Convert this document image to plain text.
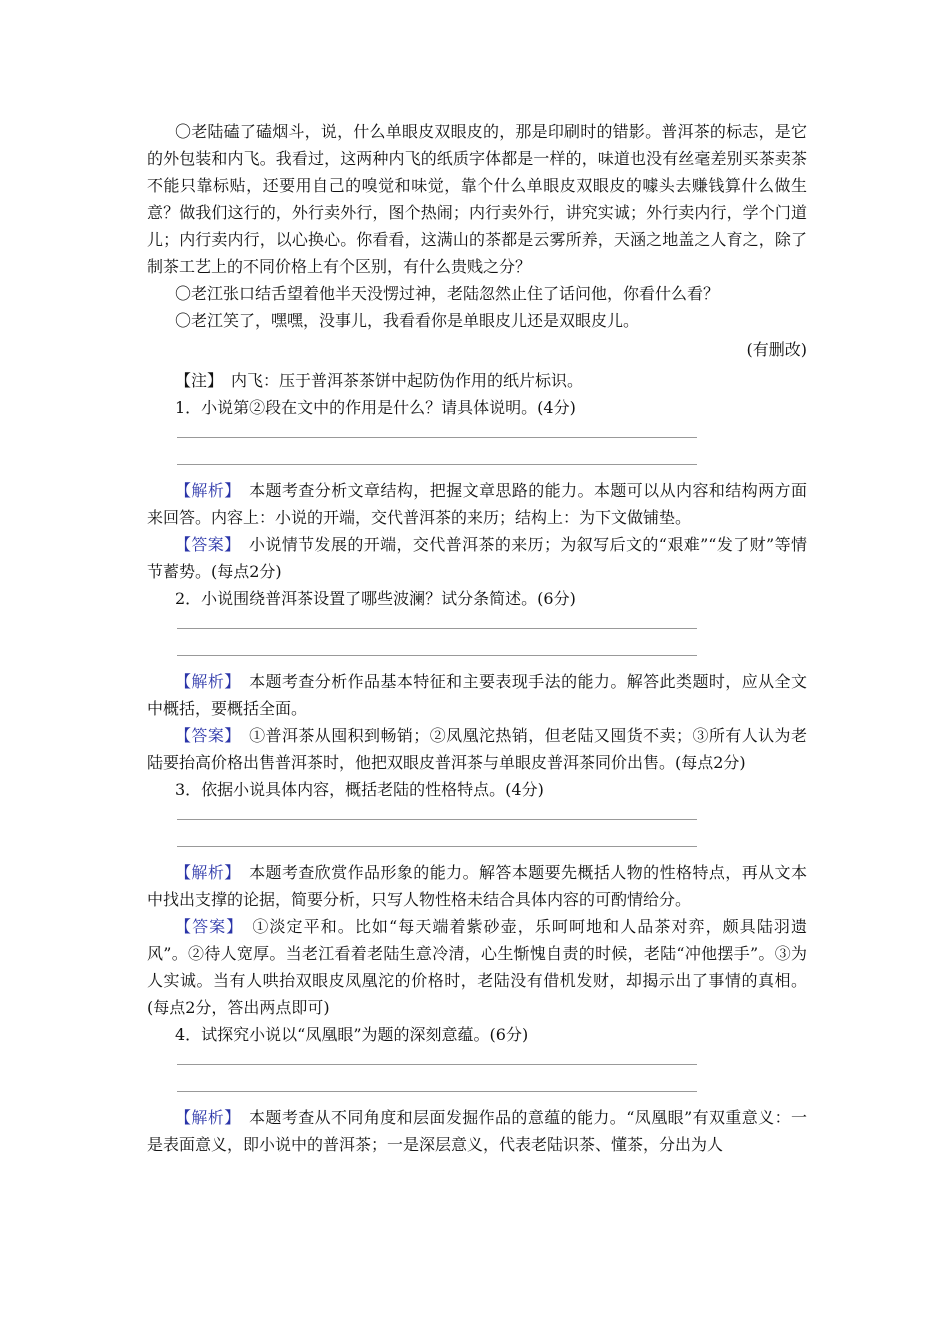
〇老陆磕了磕烟斗，说，什么单眼皮双眼皮的，那是印刷时的错影。普洱茶的标志，是它的外包装和内飞。我看过，这两种内飞的纸质字体都是一样的，味道也没有丝毫差别买茶卖茶不能只靠标贴，还要用自己的嗅觉和味觉，靠个什么单眼皮双眼皮的噱头去赚钱算什么做生意？做我们这行的，外行卖外行，图个热闹；内行卖外行，讲究实诚；外行卖内行，学个门道儿；内行卖内行，以心换心。你看看，这满山的茶都是云雾所养，天涵之地盖之人育之，除了制茶工艺上的不同价格上有个区别，有什么贵贱之分？

〇老江张口结舌望着他半天没愣过神，老陆忽然止住了话问他，你看什么看？

〇老江笑了，嘿嘿，没事儿，我看看你是单眼皮儿还是双眼皮儿。

(有删改)

【注】　 内飞：压于普洱茶茶饼中起防伪作用的纸片标识。

1．小说第②段在文中的作用是什么？请具体说明。(4分)

【解析】　 本题考查分析文章结构，把握文章思路的能力。本题可以从内容和结构两方面来回答。内容上：小说的开端，交代普洱茶的来历；结构上：为下文做铺垫。

【答案】　 小说情节发展的开端，交代普洱茶的来历；为叙写后文的“艰难”“发了财”等情节蓄势。(每点2分)

2．小说围绕普洱茶设置了哪些波澜？试分条简述。(6分)

【解析】　 本题考查分析作品基本特征和主要表现手法的能力。解答此类题时，应从全文中概括，要概括全面。

【答案】　 ①普洱茶从囤积到畅销；②凤凰沱热销，但老陆又囤货不卖；③所有人认为老陆要抬高价格出售普洱茶时，他把双眼皮普洱茶与单眼皮普洱茶同价出售。(每点2分)

3．依据小说具体内容，概括老陆的性格特点。(4分)

【解析】　 本题考查欣赏作品形象的能力。解答本题要先概括人物的性格特点，再从文本中找出支撑的论据，简要分析，只写人物性格未结合具体内容的可酌情给分。

【答案】　 ①淡定平和。比如“每天端着紫砂壶，乐呵呵地和人品茶对弈，颇具陆羽遗风”。②待人宽厚。当老江看着老陆生意冷清，心生惭愧自责的时候，老陆“冲他摆手”。③为人实诚。当有人哄抬双眼皮凤凰沱的价格时，老陆没有借机发财，却揭示出了事情的真相。(每点2分，答出两点即可)

4．试探究小说以“凤凰眼”为题的深刻意蕴。(6分)

【解析】　 本题考查从不同角度和层面发掘作品的意蕴的能力。“凤凰眼”有双重意义：一是表面意义，即小说中的普洱茶；一是深层意义，代表老陆识茶、懂茶，分出为人
